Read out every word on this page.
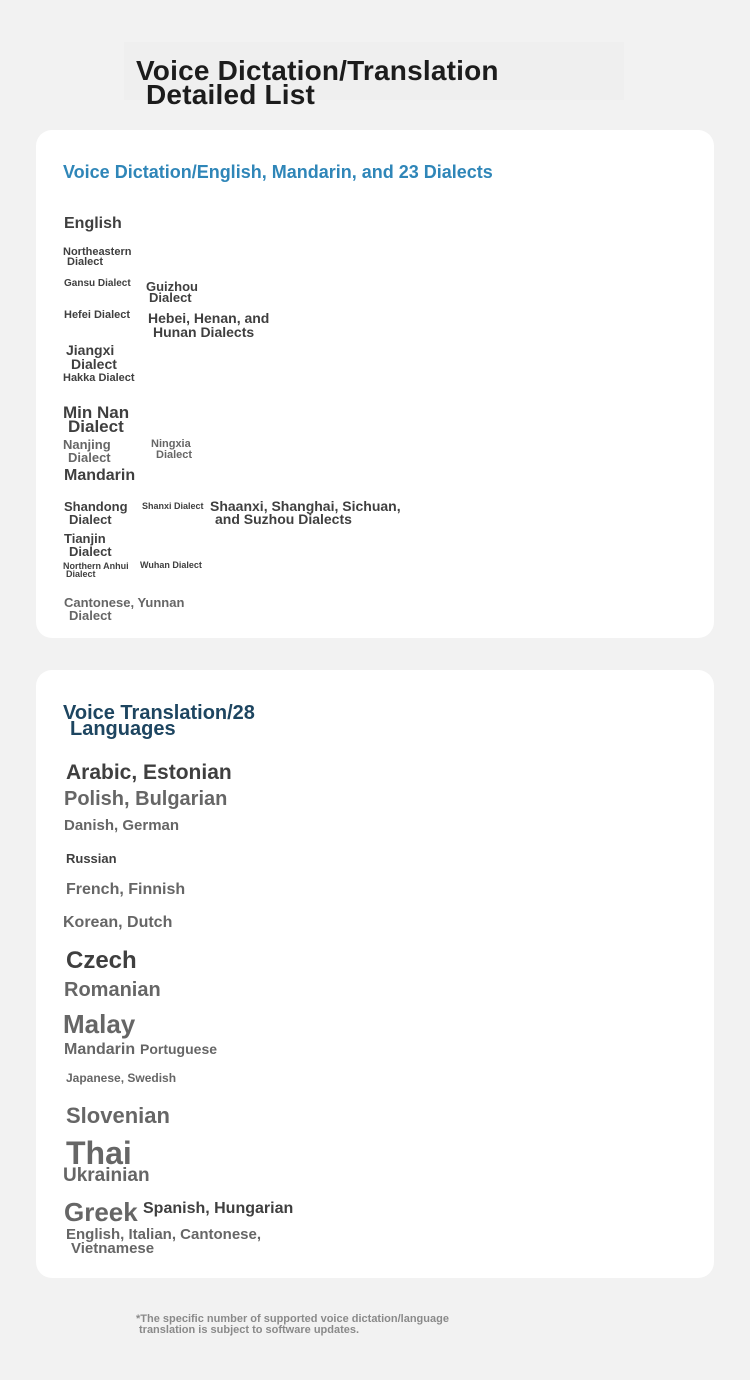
Voice Dictation/Translation
Detailed List
Voice Dictation/English, Mandarin, and 23 Dialects
English
Northeastern
Dialect
Gansu Dialect Guizhou
Dialect
Hefei Dialect Hebei, Henan, and
Hunan Dialects
Jiangxi
Dialect
Hakka Dialect
Min Nan
Dialect
Nanjing
Dialect
Ningxia
Dialect
Mandarin
Shandong
Dialect
Shanxi Dialect Shaanxi, Shanghai, Sichuan,
and Suzhou Dialects
Tianjin
Dialect
Northern Anhui
Dialect
Wuhan Dialect
Cantonese, Yunnan
Dialect
Voice Translation/28
Languages
Arabic, Estonian
Polish, Bulgarian
Danish, German
Russian
French, Finnish
Korean, Dutch
Czech
Romanian
Malay
Mandarin Portuguese
Japanese, Swedish
Slovenian
Thai
Ukrainian
Greek Spanish, Hungarian
English, Italian, Cantonese,
Vietnamese
*The specific number of supported voice dictation/language
translation is subject to software updates.
